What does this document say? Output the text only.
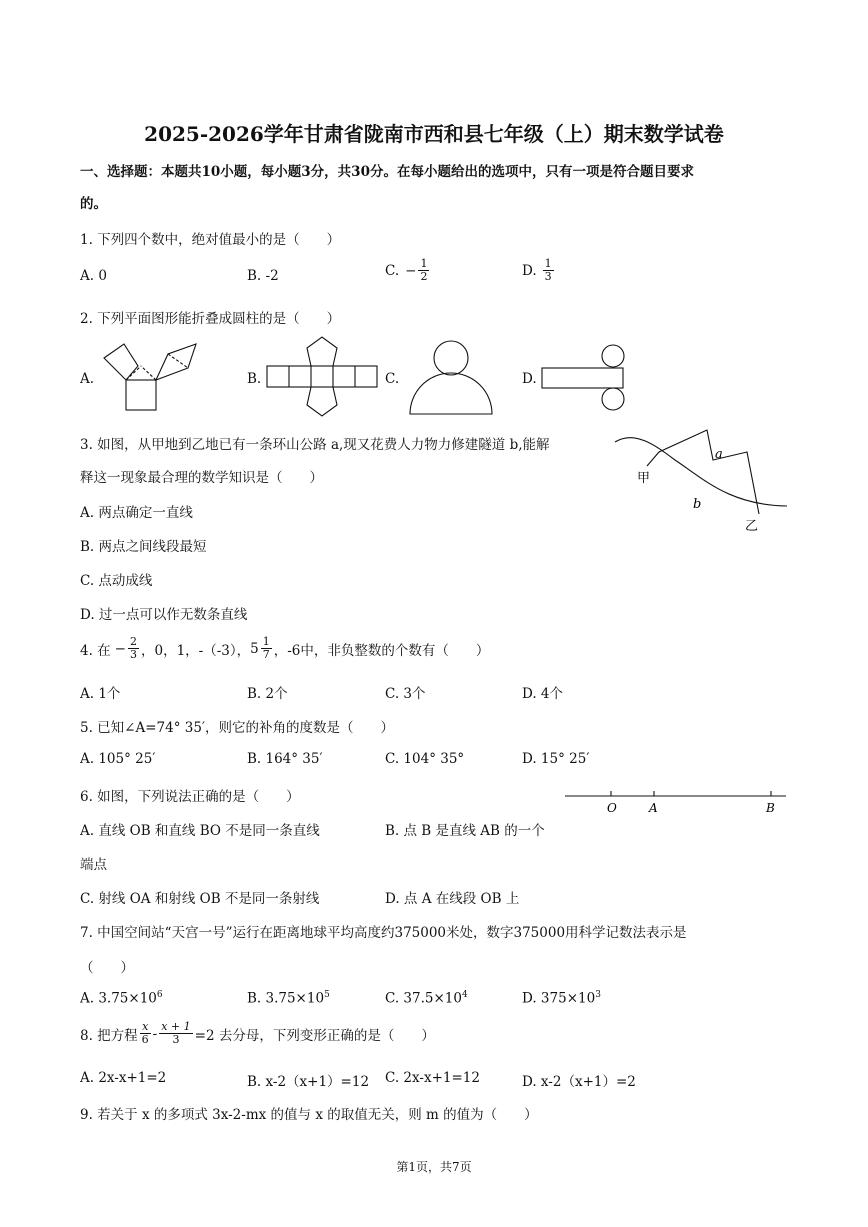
2025-2026学年甘肃省陇南市西和县七年级（上）期末数学试卷
一、选择题：本题共10小题，每小题3分，共30分。在每小题给出的选项中，只有一项是符合题目要求
的。
1. 下列四个数中，绝对值最小的是（　　）
A. 0	B. -2	C. − $\frac{1}{2}$	D. $\frac{1}{3}$
2. 下列平面图形能折叠成圆柱的是（　　）
A.	B.	C.	D.
3. 如图，从甲地到乙地已有一条环山公路 a,现又花费人力物力修建隧道 b,能解
释这一现象最合理的数学知识是（　　）
A. 两点确定一直线
B. 两点之间线段最短
C. 点动成线
D. 过一点可以作无数条直线
甲
a
b
乙
4. 在 − $\frac{2}{3}$ ，0，1，-（-3）， $5 \frac{1}{7}$ ，-6中，非负整数的个数有（　　）
A. 1个	B. 2个	C. 3个	D. 4个
5. 已知∠A=74° 35′，则它的补角的度数是（　　）
A. 105° 25′	B. 164° 35′	C. 104° 35°	D. 15° 25′
6. 如图，下列说法正确的是（　　）
A. 直线 OB 和直线 BO 不是同一条直线	B. 点 B 是直线 AB 的一个
端点
C. 射线 OA 和射线 OB 不是同一条射线	D. 点 A 在线段 OB 上
O	A	B
7. 中国空间站“天宫一号”运行在距离地球平均高度约375000米处，数字375000用科学记数法表示是
（　　）
A. $3.75\times 10^6$	B. $3.75\times 10^5$	C. $37.5\times 10^4$	D. $375\times 10^3$
8. 把方程 $\frac{x}{6} - \frac{x + 1}{3} =2$ 去分母，下列变形正确的是（　　）
A. 2x-x+1=2	B. x-2（x+1）=12 C. 2x-x+1=12	D. x-2（x+1）=2
9. 若关于 x 的多项式 3x-2-mx 的值与 x 的取值无关，则 m 的值为（　　）
第1页，共7页
